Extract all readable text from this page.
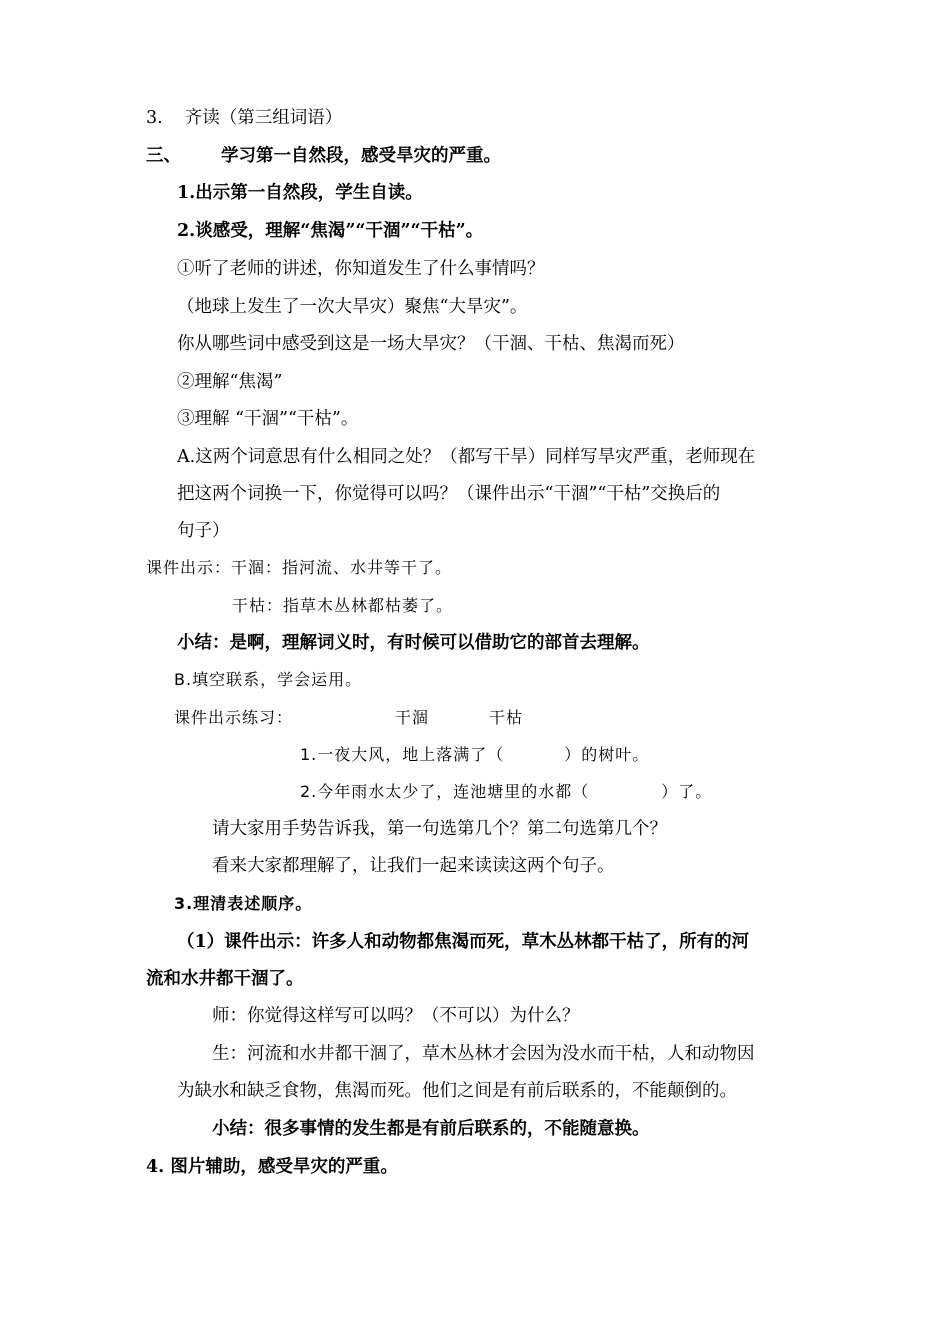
3. 齐读（第三组词语）
三、 学习第一自然段，感受旱灾的严重。
1.出示第一自然段，学生自读。
2.谈感受，理解“焦渴”“干涸”“干枯”。
①听了老师的讲述，你知道发生了什么事情吗？
（地球上发生了一次大旱灾）聚焦“大旱灾”。
你从哪些词中感受到这是一场大旱灾？（干涸、干枯、焦渴而死）
②理解“焦渴”
③理解 “干涸”“干枯”。
A.这两个词意思有什么相同之处？（都写干旱）同样写旱灾严重，老师现在
把这两个词换一下，你觉得可以吗？（课件出示“干涸”“干枯”交换后的
句子）
课件出示：干涸：指河流、水井等干了。
干枯：指草木丛林都枯萎了。
小结：是啊，理解词义时，有时候可以借助它的部首去理解。
B.填空联系，学会运用。
课件出示练习：	干涸	干枯
1.一夜大风，地上落满了（	）的树叶。
2.今年雨水太少了，连池塘里的水都（	）了。
请大家用手势告诉我，第一句选第几个？第二句选第几个？
看来大家都理解了，让我们一起来读读这两个句子。
3.理清表述顺序。
（1）课件出示：许多人和动物都焦渴而死，草木丛林都干枯了，所有的河
流和水井都干涸了。
师：你觉得这样写可以吗？（不可以）为什么？
生：河流和水井都干涸了，草木丛林才会因为没水而干枯，人和动物因
为缺水和缺乏食物，焦渴而死。他们之间是有前后联系的，不能颠倒的。
小结：很多事情的发生都是有前后联系的，不能随意换。
4. 图片辅助，感受旱灾的严重。
